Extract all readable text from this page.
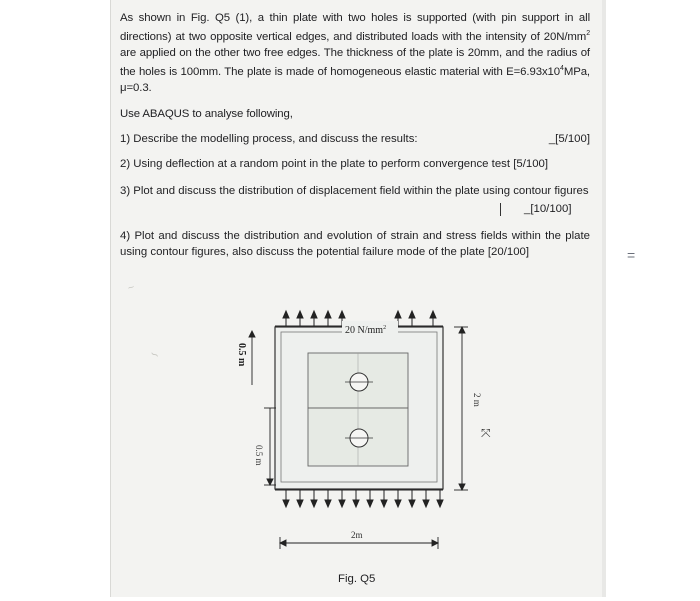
~
∽

As shown in Fig. Q5 (1), a thin plate with two holes is supported (with pin support in all directions) at two opposite vertical edges, and distributed loads with the intensity of $20N/mm^2$ are applied on the other two free edges. The thickness of the plate is 20mm, and the radius of the holes is 100mm. The plate is made of homogeneous elastic material with $E=6.93x10^4MPa$, μ=0.3.

Use ABAQUS to analyse following,

1) Describe the modelling process, and discuss the results:	_[5/100]

2) Using deflection at a random point in the plate to perform convergence test [5/100]

3) Plot and discuss the distribution of displacement field within the plate using contour figures

_[10/100]

4) Plot and discuss the distribution and evolution of strain and stress fields within the plate using contour figures, also discuss the potential failure mode of the plate [20/100]	=
20 $N/mm^2$
0.5 m
0.5 m
2 m
⤧
2m
Fig. Q5
